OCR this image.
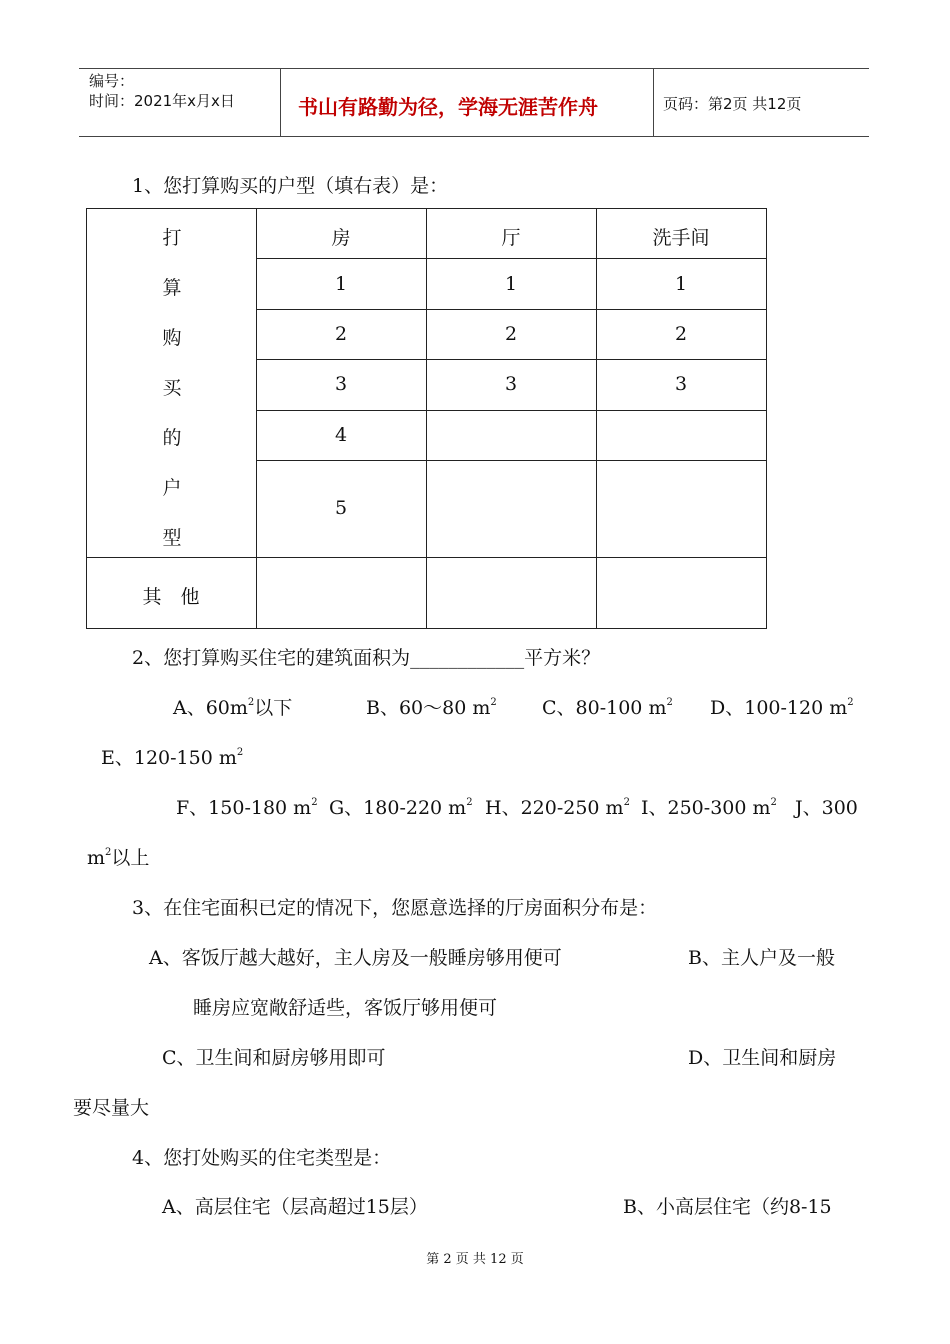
编号：
时间：2021年x月x日	书山有路勤为径，学海无涯苦作舟	页码：第2页 共12页
1、您打算购买的户型（填右表）是：
打
算
购
买
的
户
型
房	厅	洗手间
1	1	1
2	2	2
3	3	3
4
5
其　他
2、您打算购买住宅的建筑面积为____________平方米？
A、$60m^2$以下	B、60～80 $m^2$ C、80-100 $m^2$ D、100-120 $m^2$
E、120-150 $m^2$
F、150-180 $m^2$ G、180-220 $m^2$ H、220-250 $m^2$ I、250-300 $m^2$ J、300
$m^2$以上
3、在住宅面积已定的情况下，您愿意选择的厅房面积分布是：
A、客饭厅越大越好，主人房及一般睡房够用便可	B、主人户及一般
睡房应宽敞舒适些，客饭厅够用便可
C、卫生间和厨房够用即可	D、卫生间和厨房
要尽量大
4、您打处购买的住宅类型是：
A、高层住宅（层高超过15层）	B、小高层住宅（约8-15
第 2 页 共 12 页
